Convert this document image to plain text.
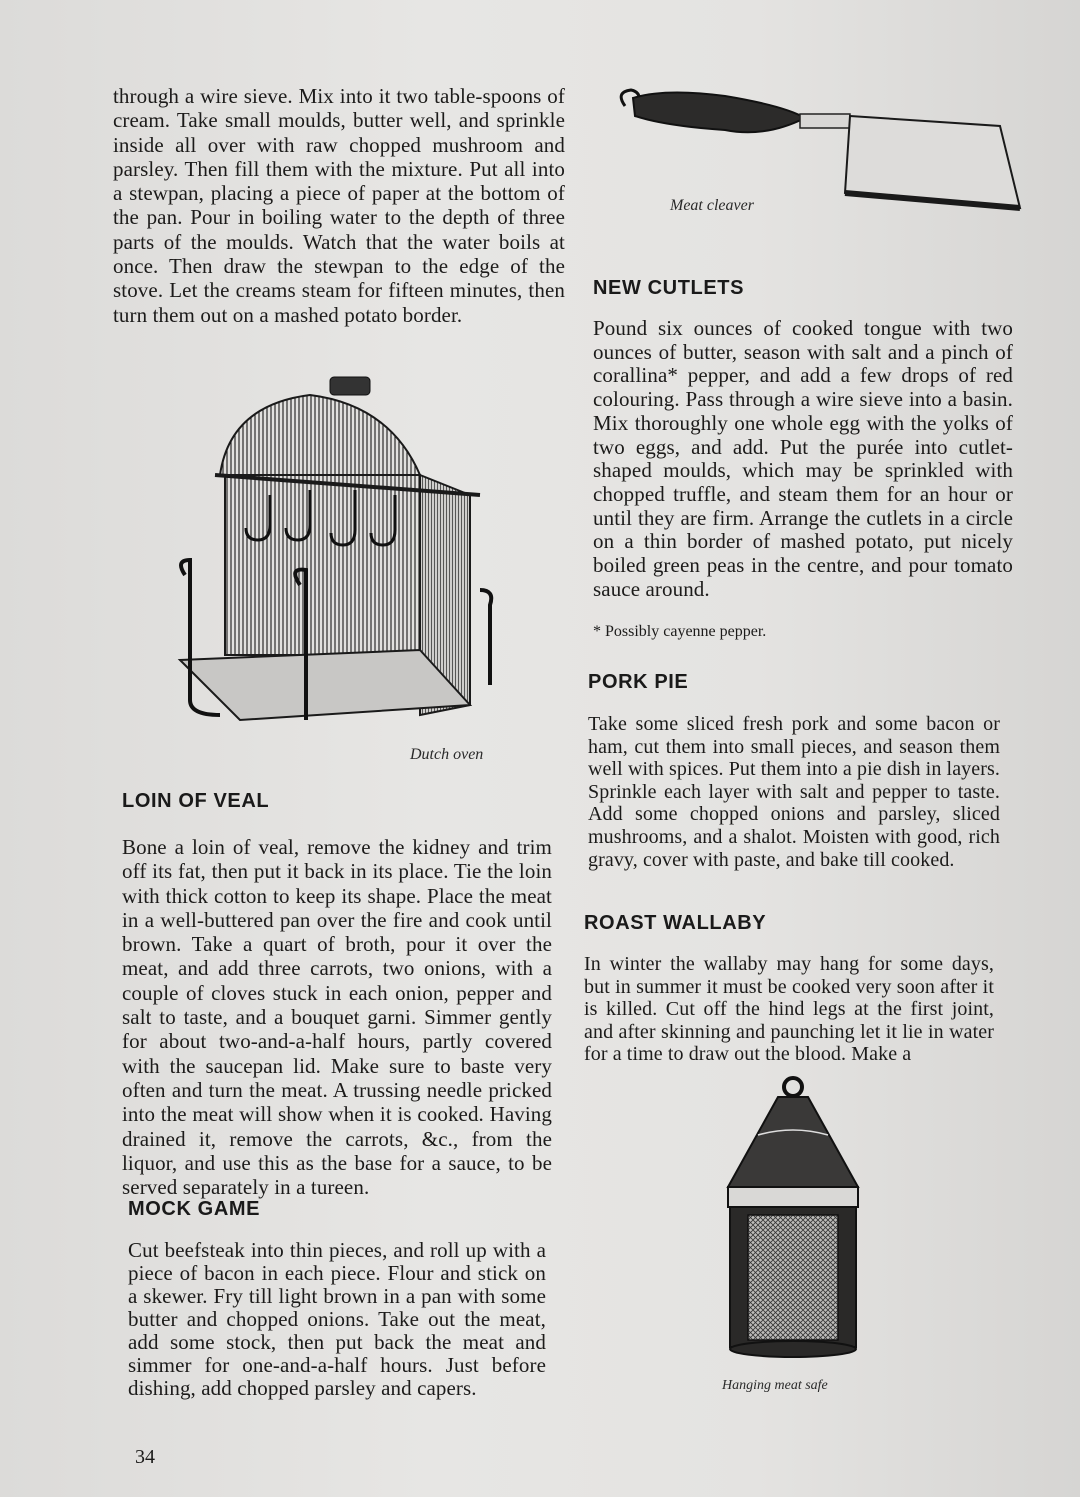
through a wire sieve. Mix into it two table-spoons of cream. Take small moulds, butter well, and sprinkle inside all over with raw chopped mushroom and parsley. Then fill them with the mixture. Put all into a stewpan, placing a piece of paper at the bottom of the pan. Pour in boiling water to the depth of three parts of the moulds. Watch that the water boils at once. Then draw the stewpan to the edge of the stove. Let the creams steam for fifteen minutes, then turn them out on a mashed potato border.

Dutch oven
LOIN OF VEAL

Bone a loin of veal, remove the kidney and trim off its fat, then put it back in its place. Tie the loin with thick cotton to keep its shape. Place the meat in a well-buttered pan over the fire and cook until brown. Take a quart of broth, pour it over the meat, and add three carrots, two onions, with a couple of cloves stuck in each onion, pepper and salt to taste, and a bouquet garni. Simmer gently for about two-and-a-half hours, partly covered with the saucepan lid. Make sure to baste very often and turn the meat. A trussing needle pricked into the meat will show when it is cooked. Having drained it, remove the carrots, &c., from the liquor, and use this as the base for a sauce, to be served separately in a tureen.

MOCK GAME

Cut beefsteak into thin pieces, and roll up with a piece of bacon in each piece. Flour and stick on a skewer. Fry till light brown in a pan with some butter and chopped onions. Take out the meat, add some stock, then put back the meat and simmer for one-and-a-half hours. Just before dishing, add chopped parsley and capers.

34
Meat cleaver
NEW CUTLETS

Pound six ounces of cooked tongue with two ounces of butter, season with salt and a pinch of corallina* pepper, and add a few drops of red colouring. Pass through a wire sieve into a basin. Mix thoroughly one whole egg with the yolks of two eggs, and add. Put the purée into cutlet-shaped moulds, which may be sprinkled with chopped truffle, and steam them for an hour or until they are firm. Arrange the cutlets in a circle on a thin border of mashed potato, put nicely boiled green peas in the centre, and pour tomato sauce around.

* Possibly cayenne pepper.

PORK PIE

Take some sliced fresh pork and some bacon or ham, cut them into small pieces, and season them well with spices. Put them into a pie dish in layers. Sprinkle each layer with salt and pepper to taste. Add some chopped onions and parsley, sliced mushrooms, and a shalot. Moisten with good, rich gravy, cover with paste, and bake till cooked.

ROAST WALLABY

In winter the wallaby may hang for some days, but in summer it must be cooked very soon after it is killed. Cut off the hind legs at the first joint, and after skinning and paunching let it lie in water for a time to draw out the blood. Make a

Hanging meat safe
